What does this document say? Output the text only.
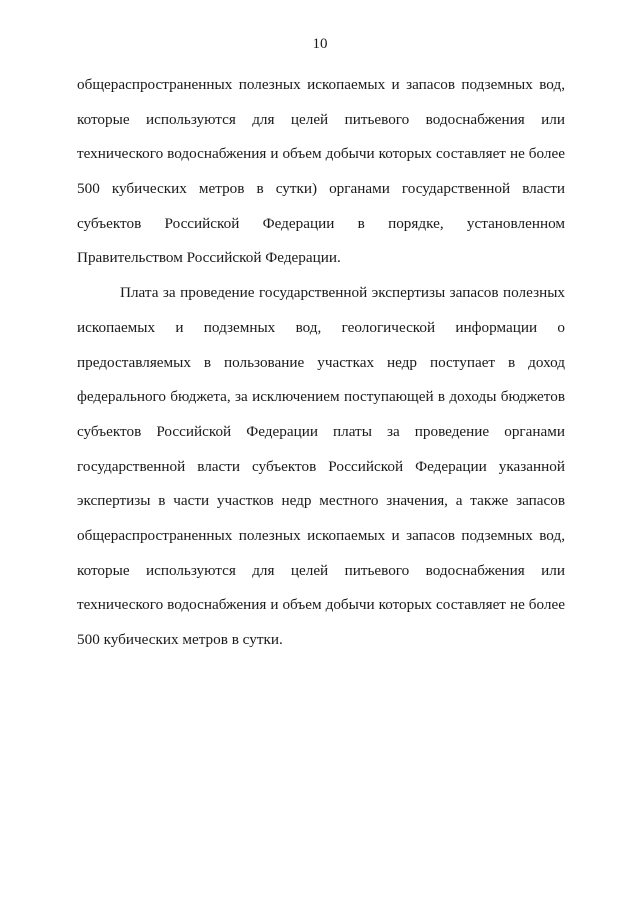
10
общераспространенных полезных ископаемых и запасов подземных вод,
которые используются для целей питьевого водоснабжения или
технического водоснабжения и объем добычи которых составляет не более
500 кубических метров в сутки) органами государственной власти
субъектов Российской Федерации в порядке, установленном
Правительством Российской Федерации.
Плата за проведение государственной экспертизы запасов полезных
ископаемых и подземных вод, геологической информации о
предоставляемых в пользование участках недр поступает в доход
федерального бюджета, за исключением поступающей в доходы бюджетов
субъектов Российской Федерации платы за проведение органами
государственной власти субъектов Российской Федерации указанной
экспертизы в части участков недр местного значения, а также запасов
общераспространенных полезных ископаемых и запасов подземных вод,
которые используются для целей питьевого водоснабжения или
технического водоснабжения и объем добычи которых составляет не более
500 кубических метров в сутки.
